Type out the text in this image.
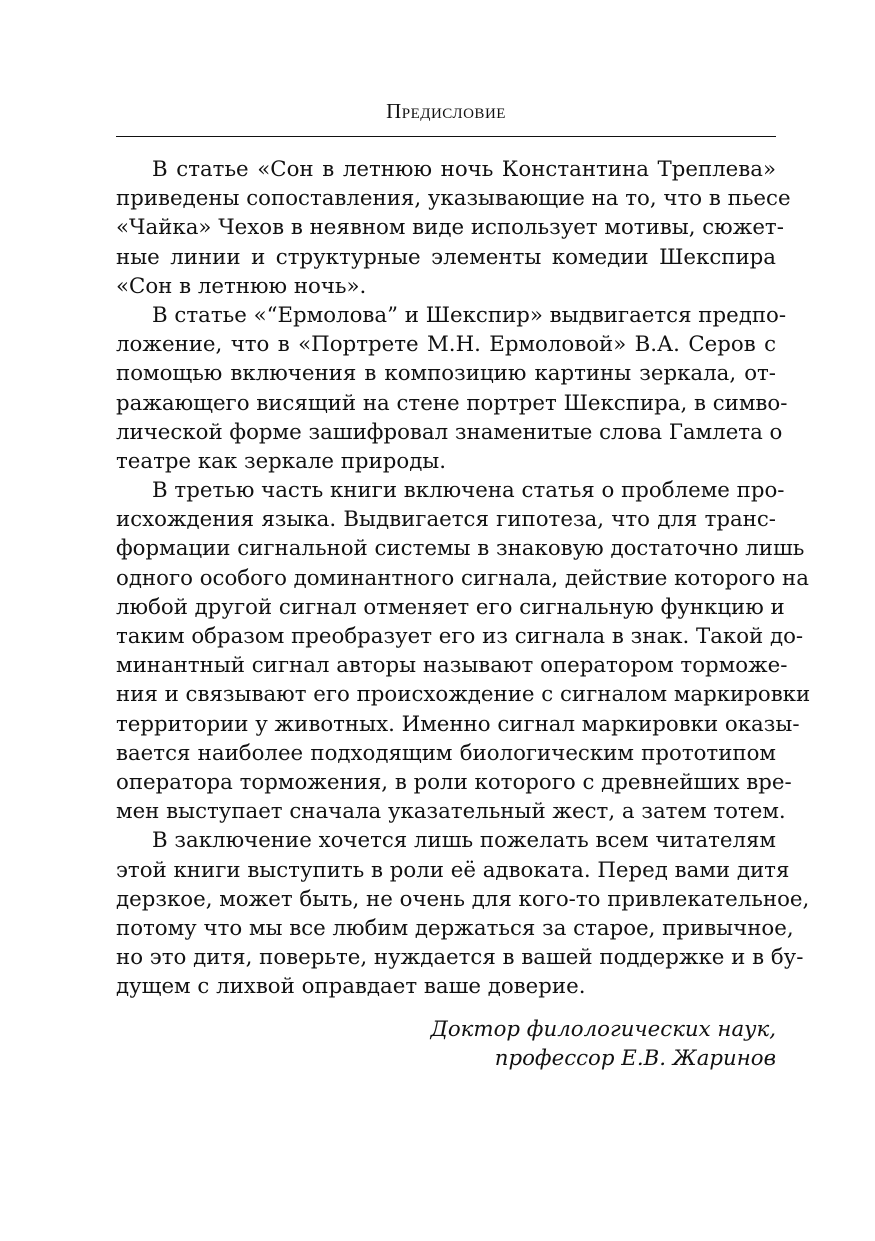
Предисловие
В статье «Сон в летнюю ночь Константина Треплева»
приведены сопоставления, указывающие на то, что в пьесе
«Чайка» Чехов в неявном виде использует мотивы, сюжет-
ные линии и структурные элементы комедии Шекспира
«Сон в летнюю ночь».
В статье «“Ермолова” и Шекспир» выдвигается предпо-
ложение, что в «Портрете М.Н. Ермоловой» В.А. Серов с
помощью включения в композицию картины зеркала, от-
ражающего висящий на стене портрет Шекспира, в симво-
лической форме зашифровал знаменитые слова Гамлета о
театре как зеркале природы.
В третью часть книги включена статья о проблеме про-
исхождения языка. Выдвигается гипотеза, что для транс-
формации сигнальной системы в знаковую достаточно лишь
одного особого доминантного сигнала, действие которого на
любой другой сигнал отменяет его сигнальную функцию и
таким образом преобразует его из сигнала в знак. Такой до-
минантный сигнал авторы называют оператором торможе-
ния и связывают его происхождение с сигналом маркировки
территории у животных. Именно сигнал маркировки оказы-
вается наиболее подходящим биологическим прототипом
оператора торможения, в роли которого с древнейших вре-
мен выступает сначала указательный жест, а затем тотем.
В заключение хочется лишь пожелать всем читателям
этой книги выступить в роли её адвоката. Перед вами дитя
дерзкое, может быть, не очень для кого-то привлекательное,
потому что мы все любим держаться за старое, привычное,
но это дитя, поверьте, нуждается в вашей поддержке и в бу-
дущем с лихвой оправдает ваше доверие.
Доктор филологических наук,
профессор Е.В. Жаринов
